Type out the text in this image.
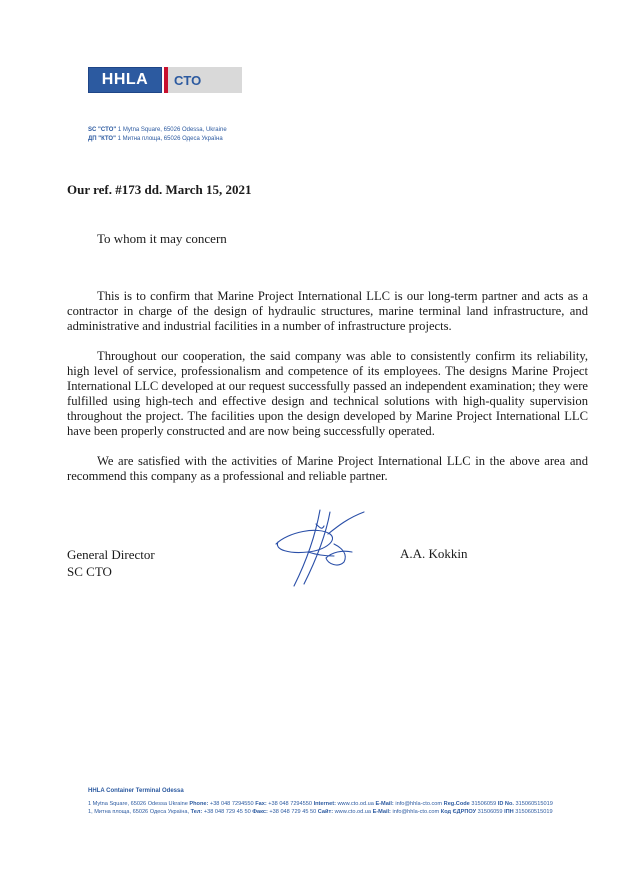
HHLA	CTO
SC "CTO" 1 Mytna Square, 65026 Odessa, Ukraine
ДП "КТО" 1 Митна площа, 65026 Одеса Україна
Our ref. #173 dd. March 15, 2021
To whom it may concern

This is to confirm that Marine Project International LLC is our long-term partner and acts as a contractor in charge of the design of hydraulic structures, marine terminal land infrastructure, and administrative and industrial facilities in a number of infrastructure projects.

Throughout our cooperation, the said company was able to consistently confirm its reliability, high level of service, professionalism and competence of its employees. The designs Marine Project International LLC developed at our request successfully passed an independent examination; they were fulfilled using high-tech and effective design and technical solutions with high-quality supervision throughout the project. The facilities upon the design developed by Marine Project International LLC have been properly constructed and are now being successfully operated.

We are satisfied with the activities of Marine Project International LLC in the above area and recommend this company as a professional and reliable partner.

General Director
SC CTO
A.A. Kokkin
HHLA Container Terminal Odessa
1 Mytna Square, 65026 Odessa Ukraine Phone: +38 048 7294550 Fax: +38 048 7294550 Internet: www.cto.od.ua E-Mail: info@hhla-cto.com Reg.Code 31506059 ID No. 315060515019
1, Митна площа, 65026 Одеса Україна, Тел: +38 048 729 45 50 Факс: +38 048 729 45 50 Сайт: www.cto.od.ua E-Mail: info@hhla-cto.com Код ЄДРПОУ 31506059 ІПН 315060515019
